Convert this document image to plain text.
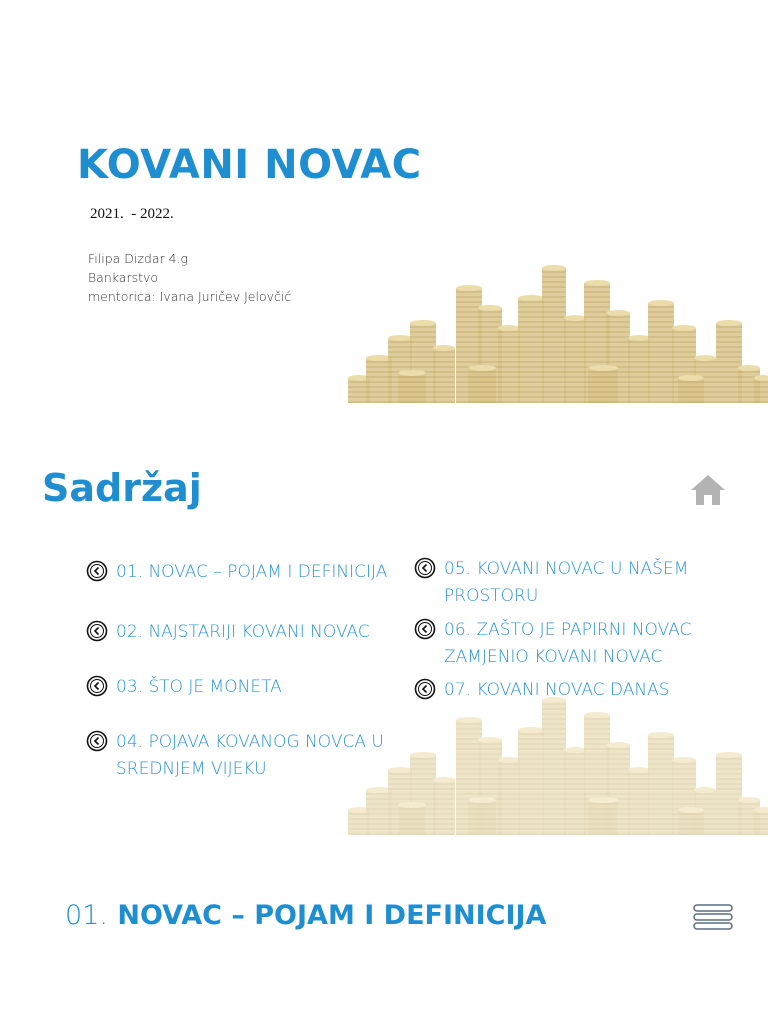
KOVANI NOVAC
2021.  - 2022.
Filipa Dizdar 4.g
Bankarstvo
mentorica: Ivana Juričev Jelovčić
Sadržaj
01. NOVAC – POJAM I DEFINICIJA
02. NAJSTARIJI KOVANI NOVAC
03. ŠTO JE MONETA
04. POJAVA KOVANOG NOVCA U SREDNJEM VIJEKU
05. KOVANI NOVAC U NAŠEM PROSTORU
06. ZAŠTO JE PAPIRNI NOVAC ZAMJENIO KOVANI NOVAC
07. KOVANI NOVAC DANAS
01. NOVAC – POJAM I DEFINICIJA
